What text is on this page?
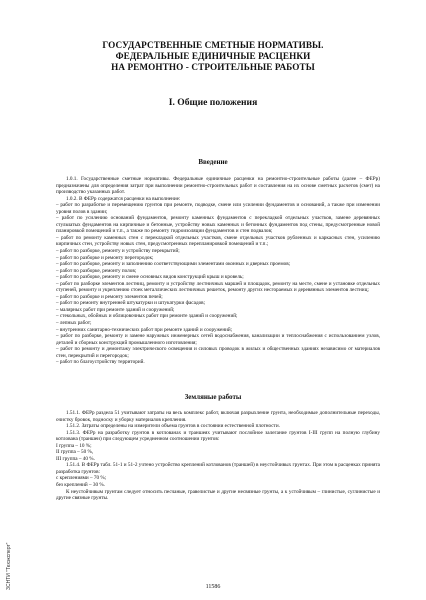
ГОСУДАРСТВЕННЫЕ СМЕТНЫЕ НОРМАТИВЫ.
ФЕДЕРАЛЬНЫЕ ЕДИНИЧНЫЕ РАСЦЕНКИ
НА РЕМОНТНО - СТРОИТЕЛЬНЫЕ РАБОТЫ
I. Общие положения
Введение

1.0.1. Государственные сметные нормативы. Федеральные единичные расценки на ремонтно-строительные работы (далее – ФЕРр) предназначены для определения затрат при выполнении ремонтно-строительных работ и составления на их основе сметных расчетов (смет) на производство указанных работ.

1.0.2. В ФЕРр содержатся расценки на выполнение:

– работ по разработке и перемещению грунтов при ремонте, подводке, смене или усилении фундаментов и оснований, а также при изменении уровня полов в здании;

– работ по усилению оснований фундаментов, ремонту каменных фундаментов с перекладкой отдельных участков, замене деревянных стульчатых фундаментов на кирпичные и бетонные, устройству новых каменных и бетонных фундаментов под стены, предусмотренные новой планировкой помещений и т.п., а также по ремонту гидроизоляции фундаментов и стен подвалов;

– работ по ремонту каменных стен с перекладкой отдельных участков, смене отдельных участков рубленных и каркасных стен, усилению кирпичных стен, устройству новых стен, предусмотренных перепланировкой помещений и т.п.;

– работ по разборке, ремонту и устройству перекрытий;

– работ по разборке и ремонту перегородок;

– работ по разборке, ремонту и заполнению соответствующими элементами оконных и дверных проемов;

– работ по разборке, ремонту полов;

– работ по разборке, ремонту и смене основных видов конструкций крыш и кровель;

– работ по разборке элементов лестниц, ремонту и устройству лестничных маршей и площадок, ремонту на месте, смене и установке отдельных ступеней, ремонту и укреплению стоек металлических лестничных решеток, ремонту других несгораемых и деревянных элементов лестниц;

– работ по разборке и ремонту элементов печей;

– работ по ремонту внутренней штукатурки и штукатурки фасадов;

– малярных работ при ремонте зданий и сооружений;

– стекольных, обойных и облицовочных работ при ремонте зданий и сооружений;

– лепных работ;

– внутренних санитарно-технических работ при ремонте зданий и сооружений;

– работ по разборке, ремонту и замене наружных инженерных сетей водоснабжения, канализации и теплоснабжения с использованием узлов, деталей и сборных конструкций промышленного изготовления;

– работ по ремонту и демонтажу электрического освещения и силовых проводок в жилых и общественных зданиях независимо от материалов стен, перекрытий и перегородок;

– работ по благоустройству территорий.

Земляные работы

1.51.1. ФЕРр раздела 51 учитывают затраты на весь комплекс работ, включая разрыхление грунта, необходимые дополнительные переходы, очистку бровок, подноску и уборку материалов крепления.

1.51.2. Затраты определены на измерители объема грунтов в состоянии естественной плотности.

1.51.3. ФЕРр на разработку грунтов в котлованах и траншеях учитывают послойное залегание грунтов I-III групп на полную глубину котлована (траншеи) при следующем усредненном соотношении грунтов:

I группа – 10 %;

II группа – 50 %,

III группа – 40 %.

1.51.4. В ФЕРр табл. 51-1 и 51-2 учтено устройство креплений котлованов (траншей) в неустойчивых грунтах. При этом в расценках принята разработка грунтов:

с креплениями – 70 %;

без креплений – 30 %.

К неустойчивым грунтам следует относить песчаные, гравелистые и другие несвязные грунты, а к устойчивым – глинистые, суглинистые и другие связные грунты.

ЗСНТИ "Техэксперт"	11586
